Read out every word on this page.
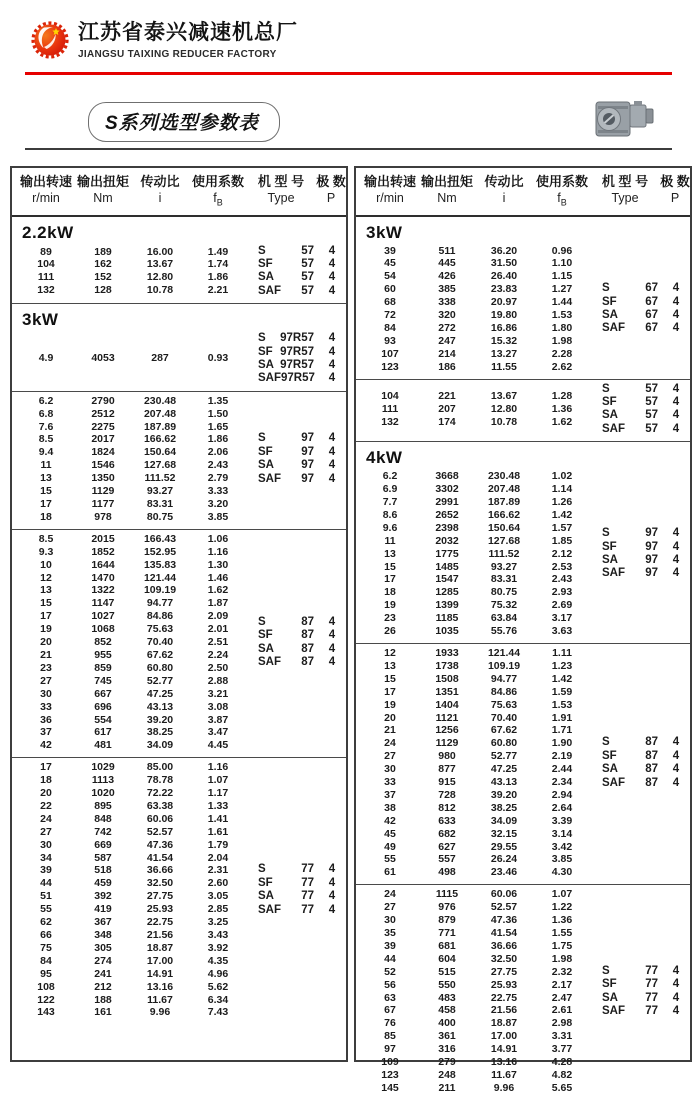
江苏省泰兴减速机总厂
JIANGSU TAIXING REDUCER FACTORY
S系列选型参数表
输出转速
r/min
输出扭矩
Nm
传动比
i
使用系数
$f_B$
机 型 号
Type
极 数
P
2.2kW
89	189	16.00	1.49
104	162	13.67	1.74
111	152	12.80	1.86
132	128	10.78	2.21
S	57	4
SF 57	4
SA 57	4
SAF 57	4
3kW
4.9	4053	287	0.93
S 97R57	4
SF 97R57	4
SA 97R57	4
SAF 97R57	4
6.2	2790	230.48	1.35
6.8	2512	207.48	1.50
7.6	2275	187.89	1.65
8.5	2017	166.62	1.86
9.4	1824	150.64	2.06
11	1546	127.68	2.43
13	1350	111.52	2.79
15	1129	93.27	3.33
17	1177	83.31	3.20
18	978	80.75	3.85
S	97	4
SF 97	4
SA 97	4
SAF 97	4
8.5	2015	166.43	1.06
9.3	1852	152.95	1.16
10	1644	135.83	1.30
12	1470	121.44	1.46
13	1322	109.19	1.62
15	1147	94.77	1.87
17	1027	84.86	2.09
19	1068	75.63	2.01
20	852	70.40	2.51
21	955	67.62	2.24
23	859	60.80	2.50
27	745	52.77	2.88
30	667	47.25	3.21
33	696	43.13	3.08
36	554	39.20	3.87
37	617	38.25	3.47
42	481	34.09	4.45
S	87	4
SF 87	4
SA 87	4
SAF 87	4
17	1029	85.00	1.16
18	1113	78.78	1.07
20	1020	72.22	1.17
22	895	63.38	1.33
24	848	60.06	1.41
27	742	52.57	1.61
30	669	47.36	1.79
34	587	41.54	2.04
39	518	36.66	2.31
44	459	32.50	2.60
51	392	27.75	3.05
55	419	25.93	2.85
62	367	22.75	3.25
66	348	21.56	3.43
75	305	18.87	3.92
84	274	17.00	4.35
95	241	14.91	4.96
108	212	13.16	5.62
122	188	11.67	6.34
143	161	9.96	7.43
S	77	4
SF 77	4
SA 77	4
SAF 77	4
输出转速
r/min
输出扭矩
Nm
传动比
i
使用系数
$f_B$
机 型 号
Type
极 数
P
3kW
39	511	36.20	0.96
45	445	31.50	1.10
54	426	26.40	1.15
60	385	23.83	1.27
68	338	20.97	1.44
72	320	19.80	1.53
84	272	16.86	1.80
93	247	15.32	1.98
107	214	13.27	2.28
123	186	11.55	2.62
S	67	4
SF 67	4
SA 67	4
SAF 67	4
104	221	13.67	1.28
111	207	12.80	1.36
132	174	10.78	1.62
S	57	4
SF 57	4
SA 57	4
SAF 57	4
4kW
6.2	3668	230.48	1.02
6.9	3302	207.48	1.14
7.7	2991	187.89	1.26
8.6	2652	166.62	1.42
9.6	2398	150.64	1.57
11	2032	127.68	1.85
13	1775	111.52	2.12
15	1485	93.27	2.53
17	1547	83.31	2.43
18	1285	80.75	2.93
19	1399	75.32	2.69
23	1185	63.84	3.17
26	1035	55.76	3.63
S	97	4
SF 97	4
SA 97	4
SAF 97	4
12	1933	121.44	1.11
13	1738	109.19	1.23
15	1508	94.77	1.42
17	1351	84.86	1.59
19	1404	75.63	1.53
20	1121	70.40	1.91
21	1256	67.62	1.71
24	1129	60.80	1.90
27	980	52.77	2.19
30	877	47.25	2.44
33	915	43.13	2.34
37	728	39.20	2.94
38	812	38.25	2.64
42	633	34.09	3.39
45	682	32.15	3.14
49	627	29.55	3.42
55	557	26.24	3.85
61	498	23.46	4.30
S	87	4
SF 87	4
SA 87	4
SAF 87	4
24	1115	60.06	1.07
27	976	52.57	1.22
30	879	47.36	1.36
35	771	41.54	1.55
39	681	36.66	1.75
44	604	32.50	1.98
52	515	27.75	2.32
56	550	25.93	2.17
63	483	22.75	2.47
67	458	21.56	2.61
76	400	18.87	2.98
85	361	17.00	3.31
97	316	14.91	3.77
109	279	13.16	4.28
123	248	11.67	4.82
145	211	9.96	5.65
S	77	4
SF 77	4
SA 77	4
SAF 77	4
